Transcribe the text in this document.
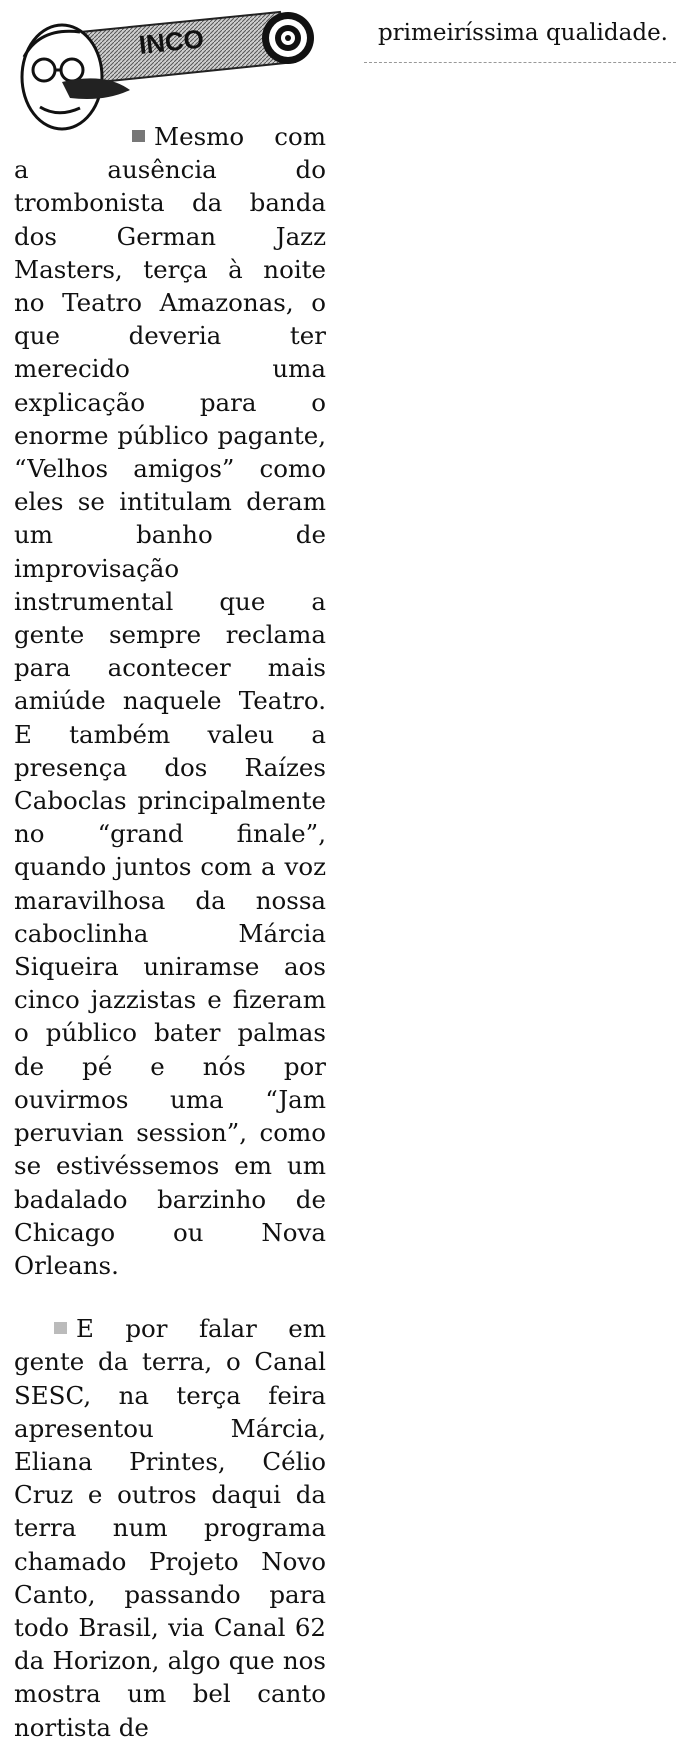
INCO	primeiríssima qualidade.

Mesmo com a ausência do trombonista da banda dos German Jazz Masters, terça à noite no Teatro Amazonas, o que deveria ter merecido uma explicação para o enorme público pagante, “Velhos amigos” como eles se intitulam deram um banho de improvisação instrumental que a gente sempre reclama para acontecer mais amiúde naquele Teatro. E também valeu a presença dos Raízes Caboclas principalmente no “grand finale”, quando juntos com a voz maravilhosa da nossa caboclinha Márcia Siqueira uniramse aos cinco jazzistas e fizeram o público bater palmas de pé e nós por ouvirmos uma “Jam peruvian session”, como se estivéssemos em um badalado barzinho de Chicago ou Nova Orleans.

E por falar em gente da terra, o Canal SESC, na terça feira apresentou Márcia, Eliana Printes, Célio Cruz e outros daqui da terra num programa chamado Projeto Novo Canto, passando para todo Brasil, via Canal 62 da Horizon, algo que nos mostra um bel canto nortista de
